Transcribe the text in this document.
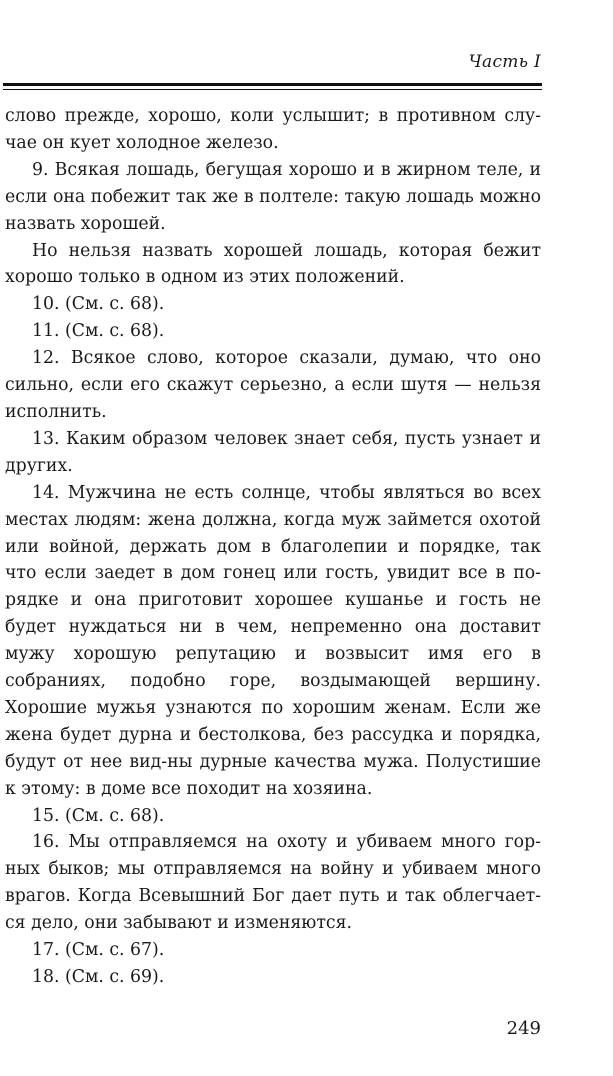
Часть I

слово прежде, хорошо, коли услышит; в противном слу-чае он кует холодное железо.

9. Всякая лошадь, бегущая хорошо и в жирном теле, и если она побежит так же в полтеле: такую лошадь можно назвать хорошей.

Но нельзя назвать хорошей лошадь, которая бежит хорошо только в одном из этих положений.

10. (См. с. 68).

11. (См. с. 68).

12. Всякое слово, которое сказали, думаю, что оно сильно, если его скажут серьезно, а если шутя — нельзя исполнить.

13. Каким образом человек знает себя, пусть узнает и других.

14. Мужчина не есть солнце, чтобы являться во всех местах людям: жена должна, когда муж займется охотой или войной, держать дом в благолепии и порядке, так что если заедет в дом гонец или гость, увидит все в по-рядке и она приготовит хорошее кушанье и гость не будет нуждаться ни в чем, непременно она доставит мужу хорошую репутацию и возвысит имя его в собраниях, подобно горе, воздымающей вершину. Хорошие мужья узнаются по хорошим женам. Если же жена будет дурна и бестолкова, без рассудка и порядка, будут от нее вид-ны дурные качества мужа. Полустишие к этому: в доме все походит на хозяина.

15. (См. с. 68).

16. Мы отправляемся на охоту и убиваем много гор-ных быков; мы отправляемся на войну и убиваем много врагов. Когда Всевышний Бог дает путь и так облегчает-ся дело, они забывают и изменяются.

17. (См. с. 67).

18. (См. с. 69).

249
